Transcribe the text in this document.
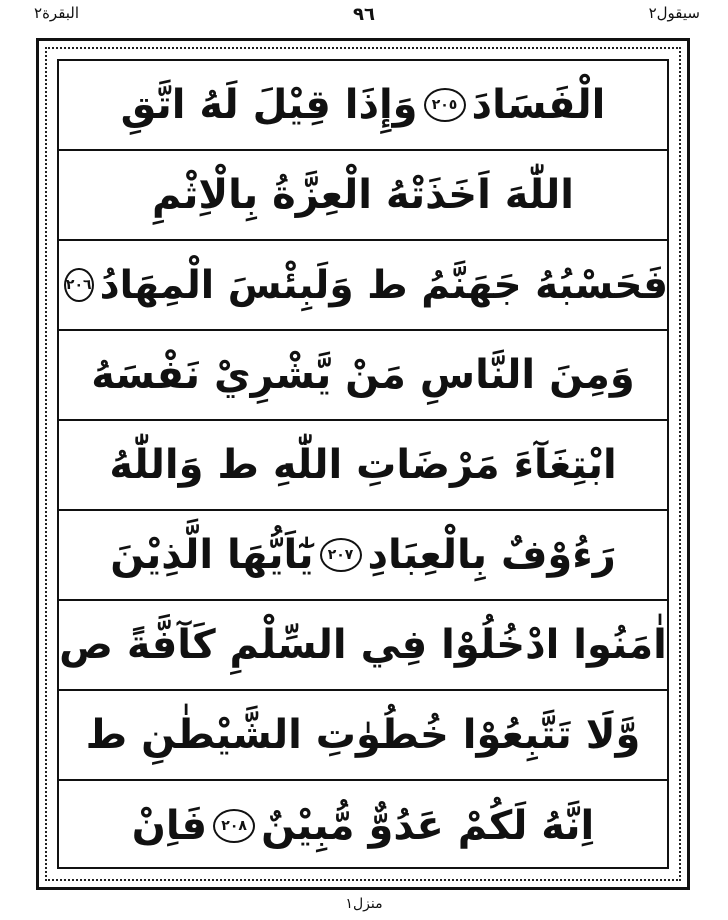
البقرة٢	٩٦	سیقول٢
الْفَسَادَ
٢٠٥
وَإِذَا قِيْلَ لَهُ اتَّقِ
اللّٰهَ اَخَذَتْهُ الْعِزَّةُ بِالْاِثْمِ
فَحَسْبُهُ جَهَنَّمُ ط وَلَبِئْسَ الْمِهَادُ
٢٠٦
وَمِنَ النَّاسِ مَنْ يَّشْرِيْ نَفْسَهُ
ابْتِغَآءَ مَرْضَاتِ اللّٰهِ ط وَاللّٰهُ
رَءُوْفٌ بِالْعِبَادِ
٢٠٧
يٰٓاَيُّهَا الَّذِيْنَ
اٰمَنُوا ادْخُلُوْا فِي السِّلْمِ كَآفَّةً ص
وَّلَا تَتَّبِعُوْا خُطُوٰتِ الشَّيْطٰنِ ط
اِنَّهُ لَكُمْ عَدُوٌّ مُّبِيْنٌ
٢٠٨
فَاِنْ
منزل١
